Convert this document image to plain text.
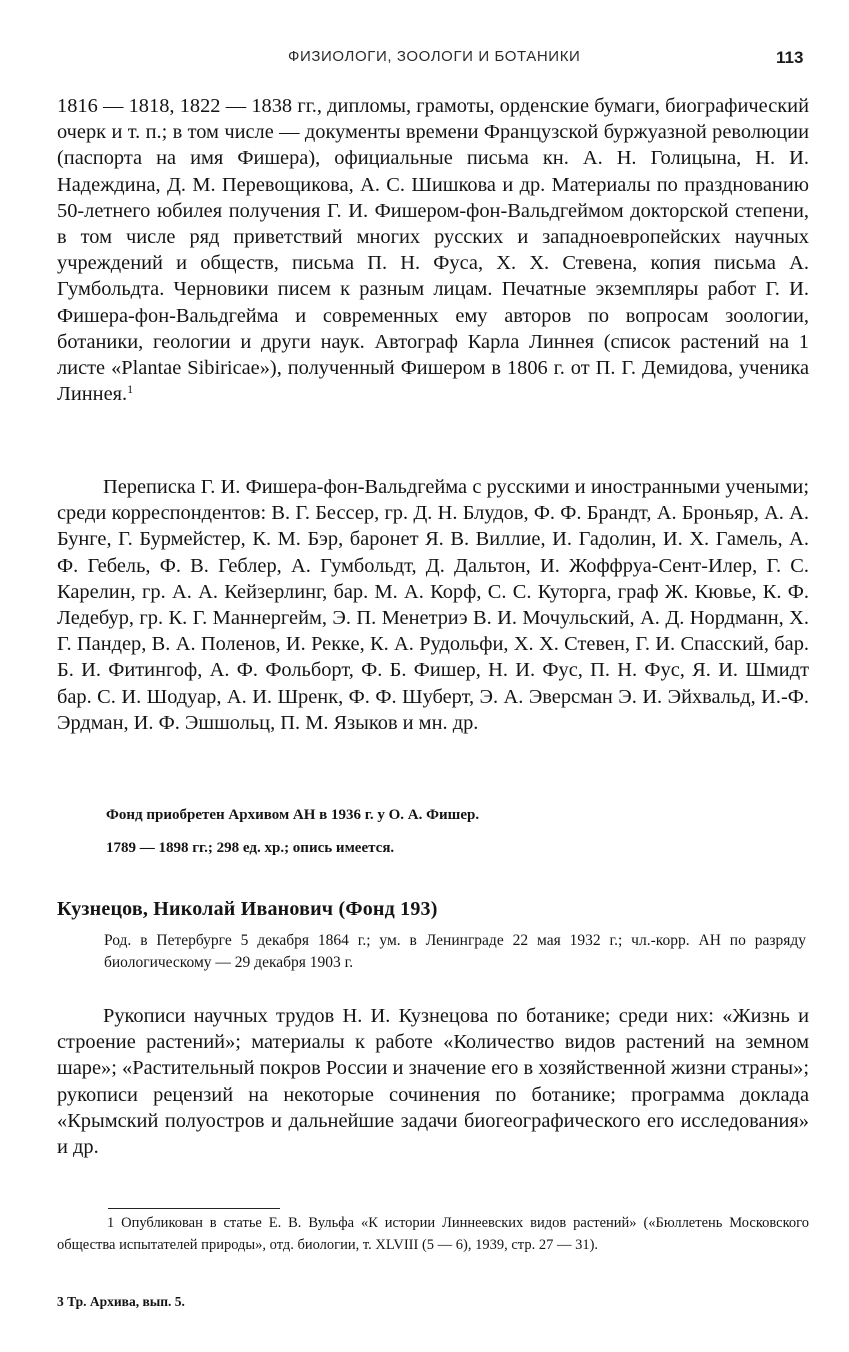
ФИЗИОЛОГИ, ЗООЛОГИ И БОТАНИКИ	113

1816 — 1818, 1822 — 1838 гг., дипломы, грамоты, орденские бумаги, биографический очерк и т. п.; в том числе — документы времени Французской буржуазной революции (паспорта на имя Фишера), официальные письма кн. А. Н. Голицына, Н. И. Надеждина, Д. М. Перевощикова, А. С. Шишкова и др. Материалы по празднованию 50-летнего юбилея получения Г. И. Фишером-фон-Вальдгеймом докторской степени, в том числе ряд приветствий многих русских и западноевропейских научных учреждений и обществ, письма П. Н. Фуса, Х. Х. Стевена, копия письма А. Гумбольдта. Черновики писем к разным лицам. Печатные экземпляры работ Г. И. Фишера-фон-Вальдгейма и современных ему авторов по вопросам зоологии, ботаники, геологии и други наук. Автограф Карла Линнея (список растений на 1 листе «Plantae Sibiricae»), полученный Фишером в 1806 г. от П. Г. Демидова, ученика Линнея.$^1$

Переписка Г. И. Фишера-фон-Вальдгейма с русскими и иностранными учеными; среди корреспондентов: В. Г. Бессер, гр. Д. Н. Блудов, Ф. Ф. Брандт, А. Броньяр, А. А. Бунге, Г. Бурмейстер, К. М. Бэр, баронет Я. В. Виллие, И. Гадолин, И. Х. Гамель, А. Ф. Гебель, Ф. В. Геблер, А. Гумбольдт, Д. Дальтон, И. Жоффруа-Сент-Илер, Г. С. Карелин, гр. А. А. Кейзерлинг, бар. М. А. Корф, С. С. Куторга, граф Ж. Кювье, К. Ф. Ледебур, гр. К. Г. Маннергейм, Э. П. Менетриэ В. И. Мочульский, А. Д. Нордманн, Х. Г. Пандер, В. А. Поленов, И. Рекке, К. А. Рудольфи, Х. Х. Стевен, Г. И. Спасский, бар. Б. И. Фитингоф, А. Ф. Фольборт, Ф. Б. Фишер, Н. И. Фус, П. Н. Фус, Я. И. Шмидт бар. С. И. Шодуар, А. И. Шренк, Ф. Ф. Шуберт, Э. А. Эверсман Э. И. Эйхвальд, И.-Ф. Эрдман, И. Ф. Эшшольц, П. М. Языков и мн. др.

Фонд приобретен Архивом АН в 1936 г. у О. А. Фишер.

1789 — 1898 гг.; 298 ед. хр.; опись имеется.

Кузнецов, Николай Иванович (Фонд 193)

Род. в Петербурге 5 декабря 1864 г.; ум. в Ленинграде 22 мая 1932 г.; чл.-корр. АН по разряду биологическому — 29 декабря 1903 г.

Рукописи научных трудов Н. И. Кузнецова по ботанике; среди них: «Жизнь и строение растений»; материалы к работе «Количество видов растений на земном шаре»; «Растительный покров России и значение его в хозяйственной жизни страны»; рукописи рецензий на некоторые сочинения по ботанике; программа доклада «Крымский полуостров и дальнейшие задачи биогеографического его исследования» и др.

1 Опубликован в статье Е. В. Вульфа «К истории Линнеевских видов растений» («Бюллетень Московского общества испытателей природы», отд. биологии, т. XLVIII (5 — 6), 1939, стр. 27 — 31).

3 Тр. Архива, вып. 5.
